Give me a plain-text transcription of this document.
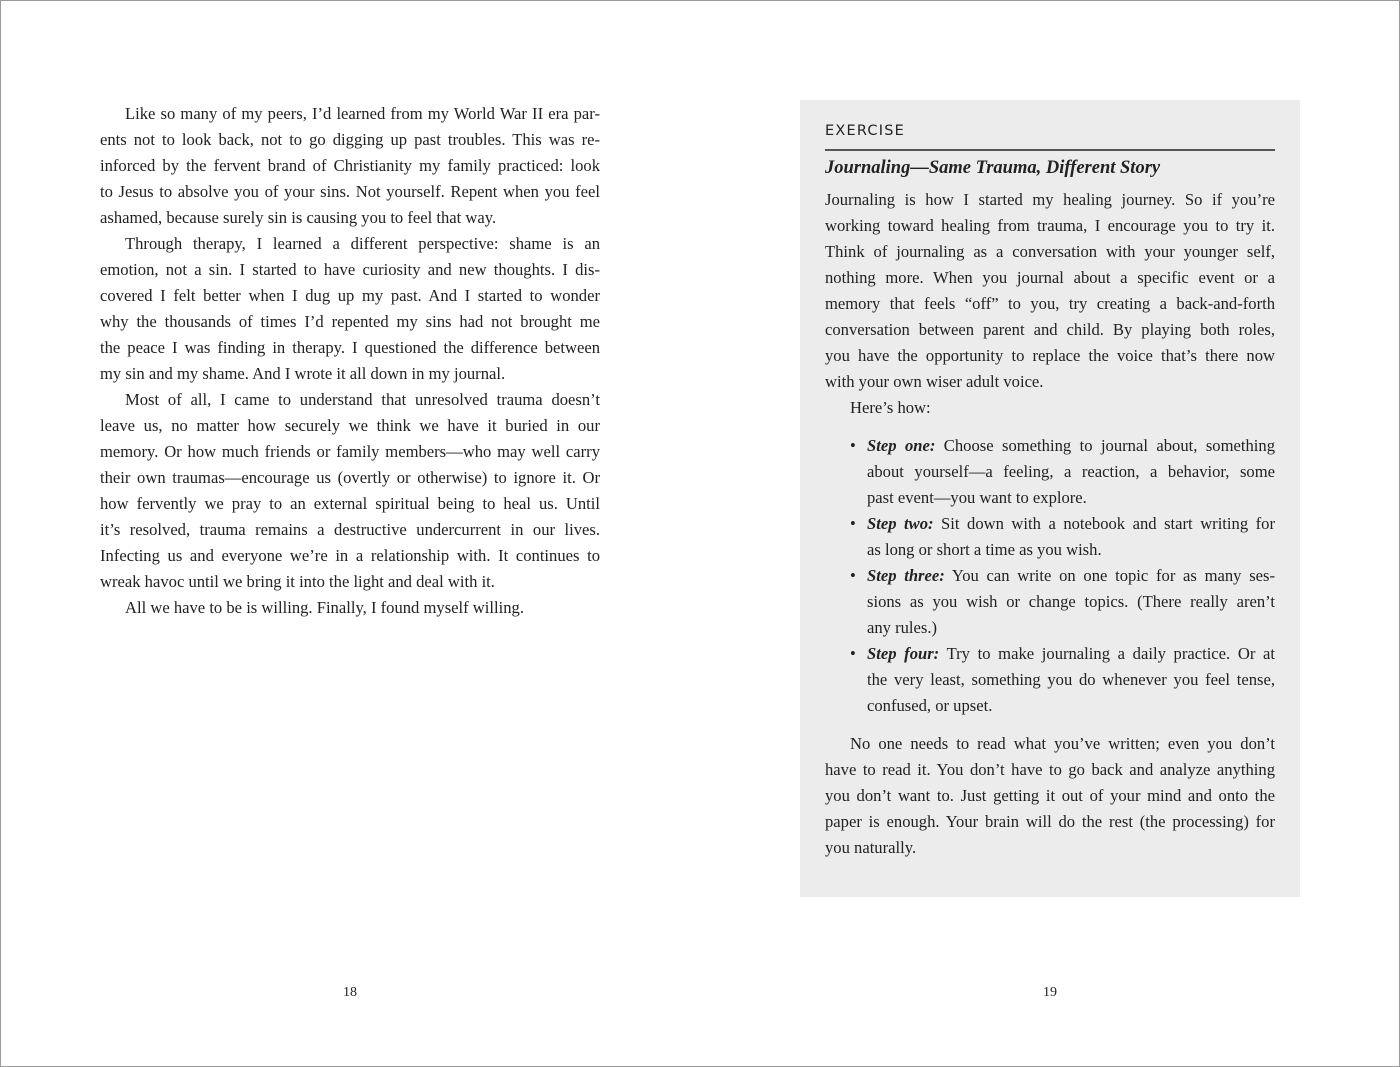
Like so many of my peers, I’d learned from my World War II era par-
ents not to look back, not to go digging up past troubles. This was re-
inforced by the fervent brand of Christianity my family practiced: look
to Jesus to absolve you of your sins. Not yourself. Repent when you feel
ashamed, because surely sin is causing you to feel that way.
Through therapy, I learned a different perspective: shame is an
emotion, not a sin. I started to have curiosity and new thoughts. I dis-
covered I felt better when I dug up my past. And I started to wonder
why the thousands of times I’d repented my sins had not brought me
the peace I was finding in therapy. I questioned the difference between
my sin and my shame. And I wrote it all down in my journal.
Most of all, I came to understand that unresolved trauma doesn’t
leave us, no matter how securely we think we have it buried in our
memory. Or how much friends or family members—who may well carry
their own traumas—encourage us (overtly or otherwise) to ignore it. Or
how fervently we pray to an external spiritual being to heal us. Until
it’s resolved, trauma remains a destructive undercurrent in our lives.
Infecting us and everyone we’re in a relationship with. It continues to
wreak havoc until we bring it into the light and deal with it.
All we have to be is willing. Finally, I found myself willing.
18
EXERCISE
Journaling—Same Trauma, Different Story
Journaling is how I started my healing journey. So if you’re
working toward healing from trauma, I encourage you to try it.
Think of journaling as a conversation with your younger self,
nothing more. When you journal about a specific event or a
memory that feels “off” to you, try creating a back-and-forth
conversation between parent and child. By playing both roles,
you have the opportunity to replace the voice that’s there now
with your own wiser adult voice.
Here’s how:
• Step one: Choose something to journal about, something
about yourself—a feeling, a reaction, a behavior, some
past event—you want to explore.
• Step two: Sit down with a notebook and start writing for
as long or short a time as you wish.
• Step three: You can write on one topic for as many ses-
sions as you wish or change topics. (There really aren’t
any rules.)
• Step four: Try to make journaling a daily practice. Or at
the very least, something you do whenever you feel tense,
confused, or upset.
No one needs to read what you’ve written; even you don’t
have to read it. You don’t have to go back and analyze anything
you don’t want to. Just getting it out of your mind and onto the
paper is enough. Your brain will do the rest (the processing) for
you naturally.
19
